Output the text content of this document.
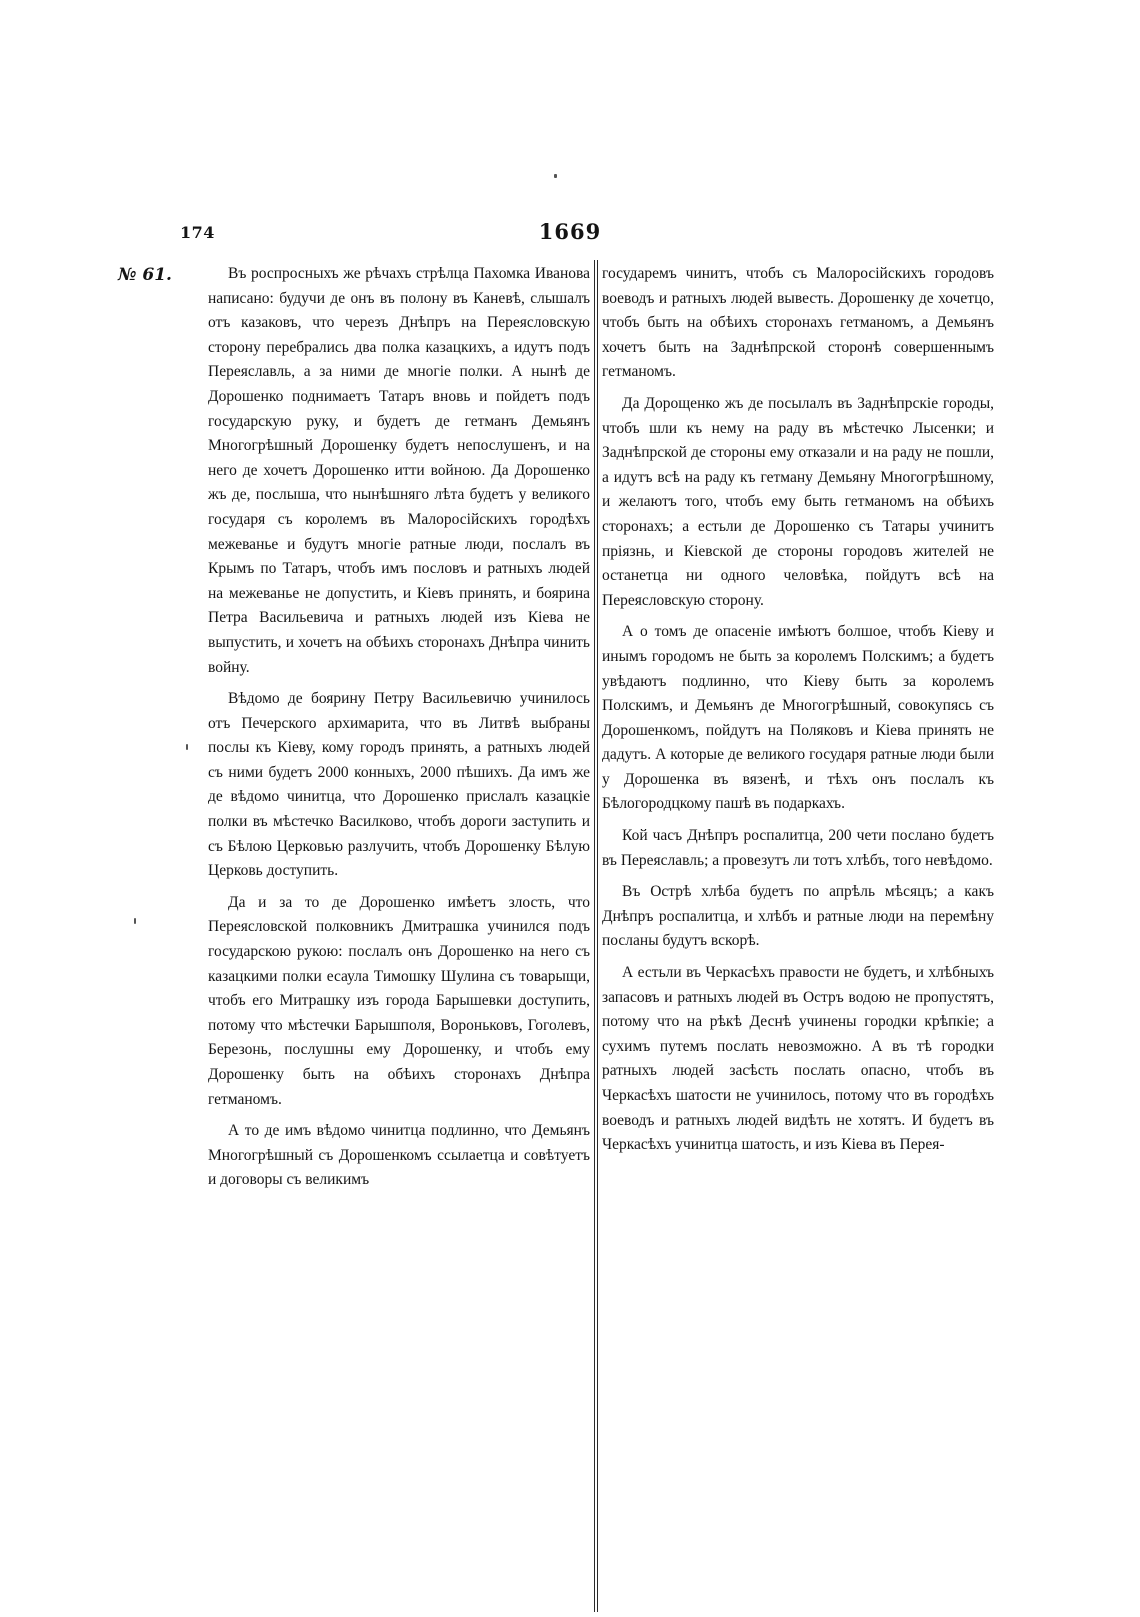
174	1669
№ 61.	Въ роспросныхъ же рѣчахъ стрѣлца Пахомка Иванова написано: будучи де онъ въ полону въ Каневѣ, слышалъ отъ казаковъ, что черезъ Днѣпръ на Переясловскую сторону перебрались два полка казацкихъ, а идутъ подъ Переяславль, а за ними де многіе полки. А нынѣ де Дорошенко поднимаетъ Татаръ вновь и пойдетъ подъ государскую руку, и будетъ де гетманъ Демьянъ Многогрѣшный Дорошенку будетъ непослушенъ, и на него де хочетъ Дорошенко итти войною. Да Дорошенко жъ де, послыша, что нынѣшняго лѣта будетъ у великого государя съ королемъ въ Малоросійскихъ городѣхъ межеванье и будутъ многіе ратные люди, послалъ въ Крымъ по Татаръ, чтобъ имъ пословъ и ратныхъ людей на межеванье не допустить, и Кіевъ принять, и боярина Петра Васильевича и ратныхъ людей изъ Кіева не выпустить, и хочетъ на обѣихъ сторонахъ Днѣпра чинить войну.

Вѣдомо де боярину Петру Васильевичю учинилось отъ Печерского архимарита, что въ Литвѣ выбраны послы къ Кіеву, кому городъ принять, а ратныхъ людей съ ними будетъ 2000 конныхъ, 2000 пѣшихъ. Да имъ же де вѣдомо чинитца, что Дорошенко прислалъ казацкіе полки въ мѣстечко Василково, чтобъ дороги заступить и съ Бѣлою Церковью разлучить, чтобъ Дорошенку Бѣлую Церковь доступить.

Да и за то де Дорошенко имѣетъ злость, что Переясловской полковникъ Дмитрашка учинился подъ государскою рукою: послалъ онъ Дорошенко на него съ казацкими полки есаула Тимошку Шулина съ товарыщи, чтобъ его Митрашку изъ города Барышевки доступить, потому что мѣстечки Барышполя, Вороньковъ, Гоголевъ, Березонь, послушны ему Дорошенку, и чтобъ ему Дорошенку быть на обѣихъ сторонахъ Днѣпра гетманомъ.

А то де имъ вѣдомо чинитца подлинно, что Демьянъ Многогрѣшный съ Дорошенкомъ ссылаетца и совѣтуетъ и договоры съ великимъ

государемъ чинитъ, чтобъ съ Малоросійскихъ городовъ воеводъ и ратныхъ людей вывесть. Дорошенку де хочетцо, чтобъ быть на обѣихъ сторонахъ гетманомъ, а Демьянъ хочетъ быть на Заднѣпрской сторонѣ совершеннымъ гетманомъ.

Да Дорощенко жъ де посылалъ въ Заднѣпрскіе городы, чтобъ шли къ нему на раду въ мѣстечко Лысенки; и Заднѣпрской де стороны ему отказали и на раду не пошли, а идутъ всѣ на раду къ гетману Демьяну Многогрѣшному, и желаютъ того, чтобъ ему быть гетманомъ на обѣихъ сторонахъ; а естьли де Дорошенко съ Татары учинитъ пріязнь, и Кіевской де стороны городовъ жителей не останетца ни одного человѣка, пойдутъ всѣ на Переясловскую сторону.

А о томъ де опасеніе имѣютъ болшое, чтобъ Кіеву и инымъ городомъ не быть за королемъ Полскимъ; а будетъ увѣдаютъ подлинно, что Кіеву быть за королемъ Полскимъ, и Демьянъ де Многогрѣшный, совокупясь съ Дорошенкомъ, пойдутъ на Поляковъ и Кіева принять не дадутъ. А которые де великого государя ратные люди были у Дорошенка въ вязенѣ, и тѣхъ онъ послалъ къ Бѣлогородцкому пашѣ въ подаркахъ.

Кой часъ Днѣпръ роспалитца, 200 чети послано будетъ въ Переяславль; а провезутъ ли тотъ хлѣбъ, того невѣдомо.

Въ Острѣ хлѣба будетъ по апрѣль мѣсяцъ; а какъ Днѣпръ роспалитца, и хлѣбъ и ратные люди на перемѣну посланы будутъ вскорѣ.

А естьли въ Черкасѣхъ правости не будетъ, и хлѣбныхъ запасовъ и ратныхъ людей въ Остръ водою не пропустятъ, потому что на рѣкѣ Деснѣ учинены городки крѣпкіе; а сухимъ путемъ послать невозможно. А въ тѣ городки ратныхъ людей засѣсть послать опасно, чтобъ въ Черкасѣхъ шатости не учинилось, потому что въ городѣхъ воеводъ и ратныхъ людей видѣть не хотятъ. И будетъ въ Черкасѣхъ учинитца шатость, и изъ Кіева въ Перея-
